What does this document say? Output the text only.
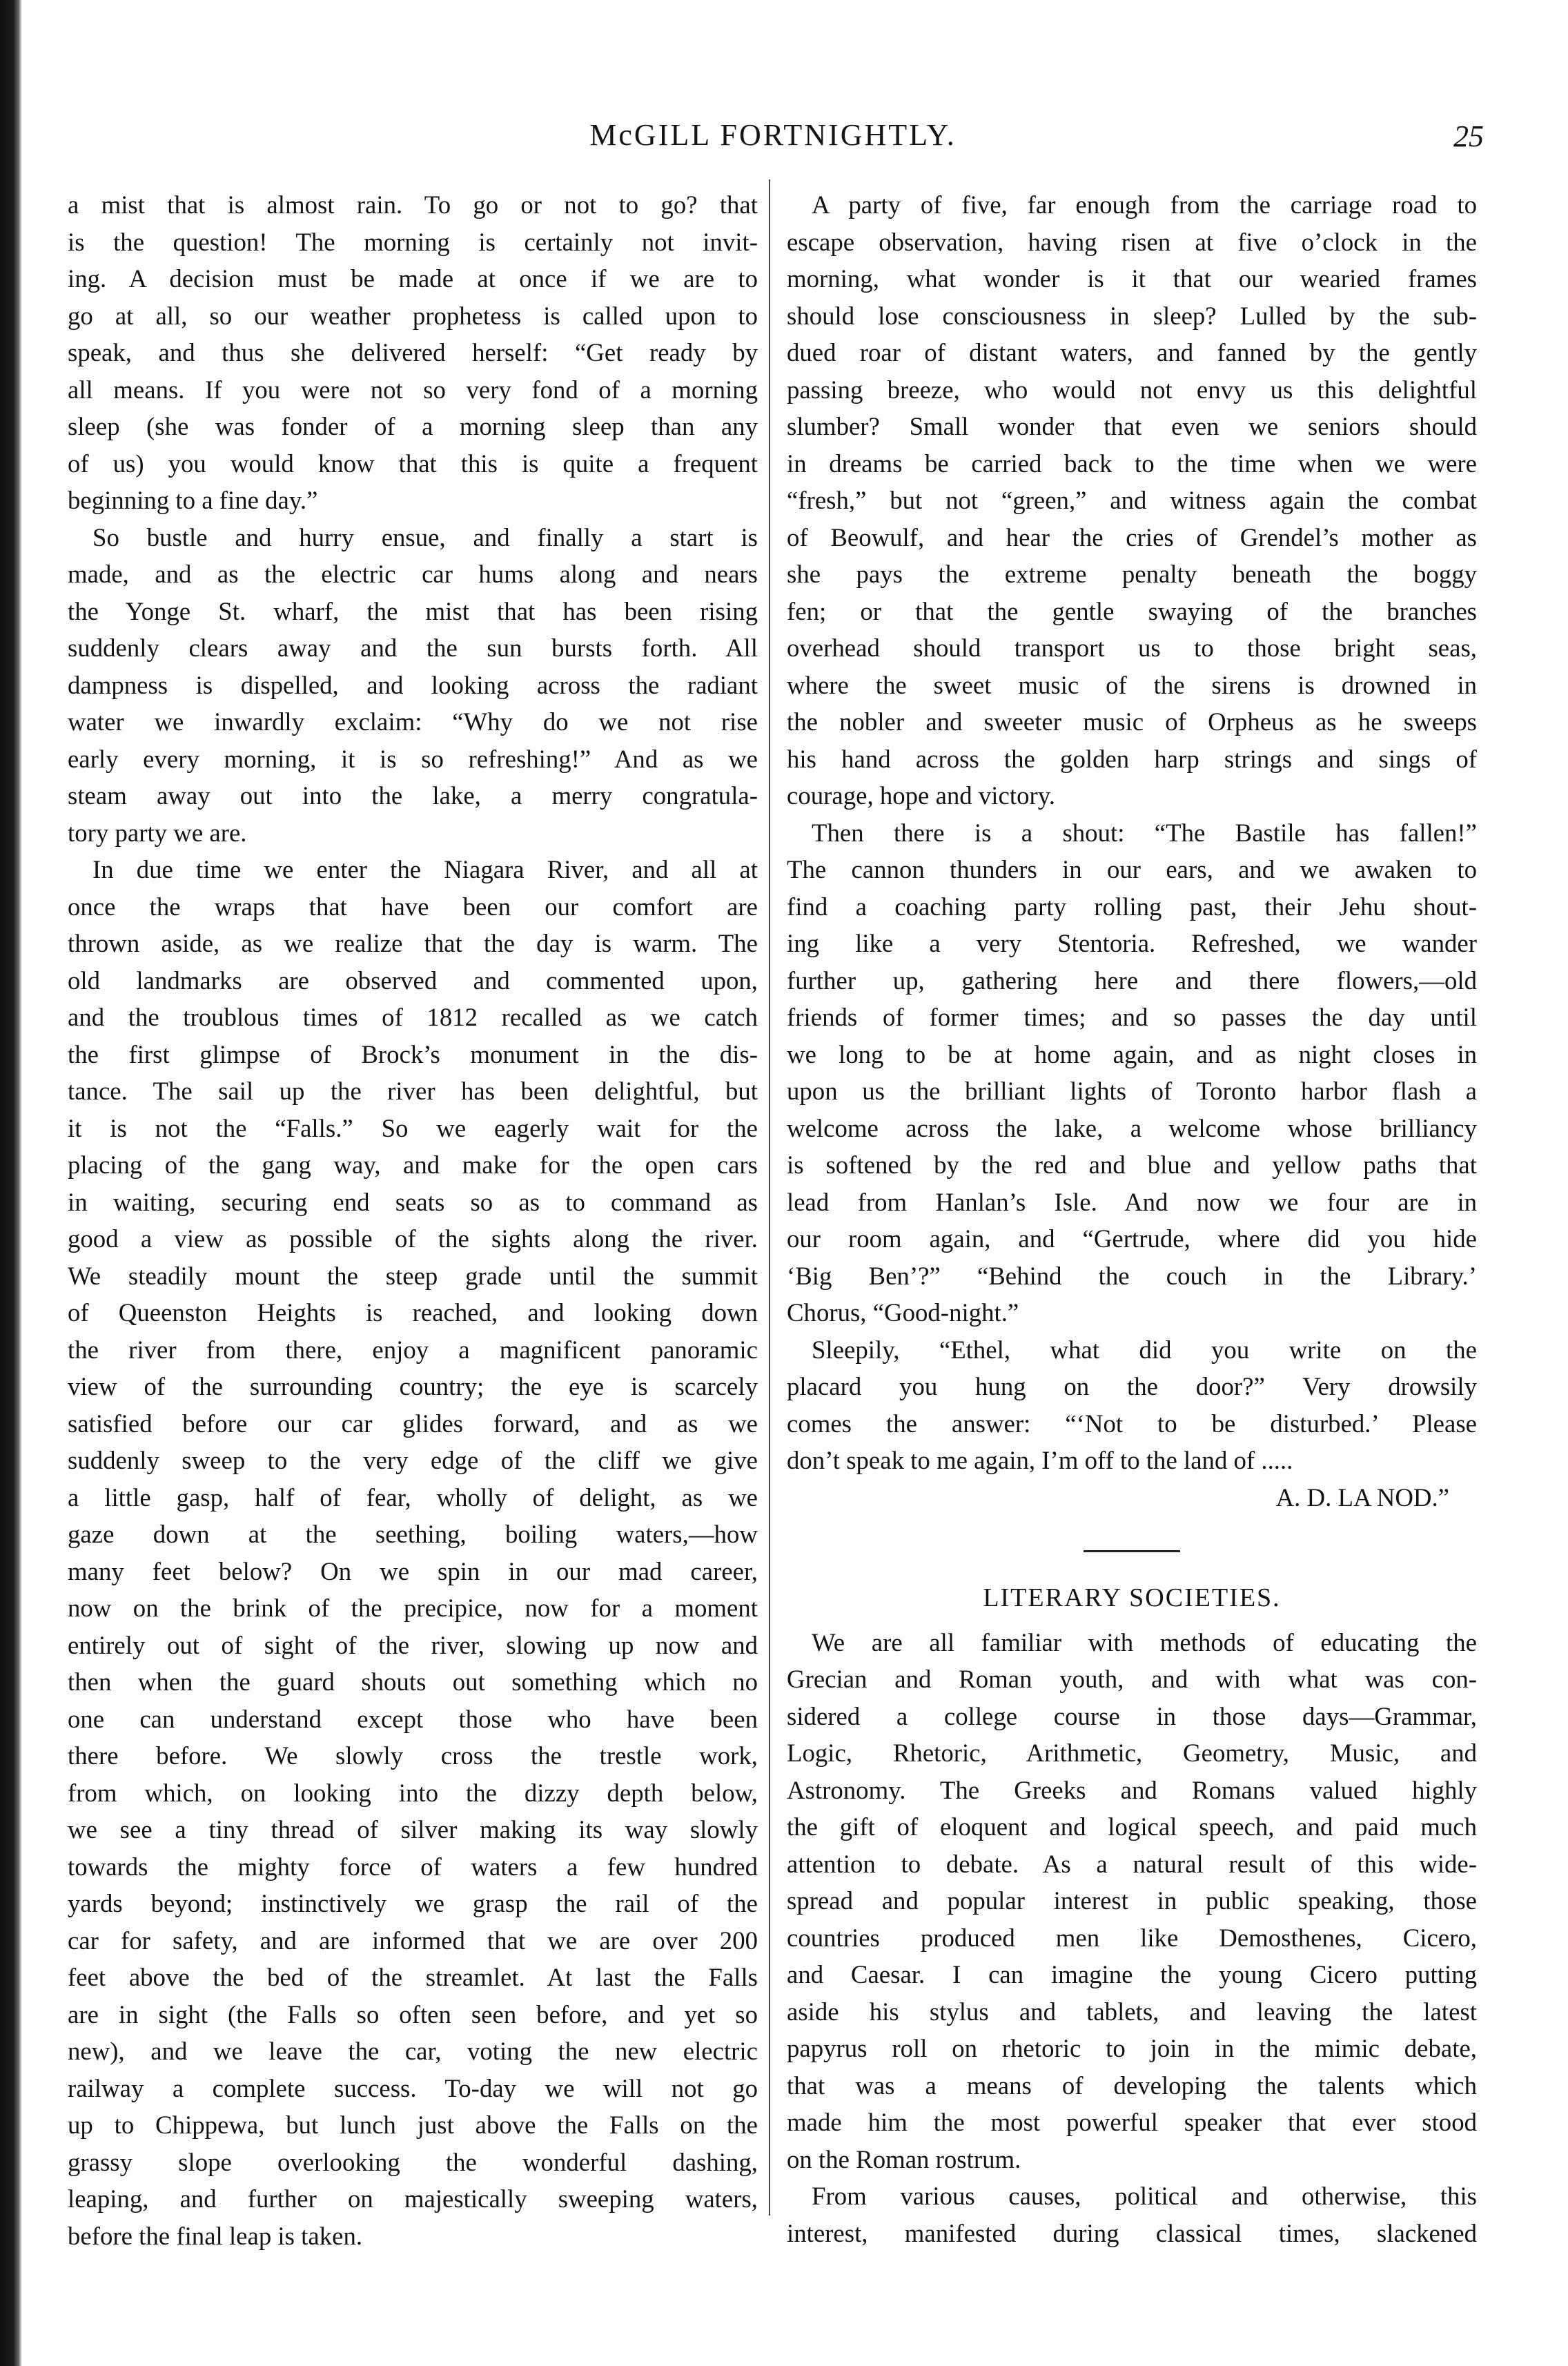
McGILL FORTNIGHTLY.	25
a mist that is almost rain. To go or not to go? that
is the question! The morning is certainly not invit-
ing. A decision must be made at once if we are to
go at all, so our weather prophetess is called upon to
speak, and thus she delivered herself: “Get ready by
all means. If you were not so very fond of a morning
sleep (she was fonder of a morning sleep than any
of us) you would know that this is quite a frequent
beginning to a fine day.”
So bustle and hurry ensue, and finally a start is
made, and as the electric car hums along and nears
the Yonge St. wharf, the mist that has been rising
suddenly clears away and the sun bursts forth. All
dampness is dispelled, and looking across the radiant
water we inwardly exclaim: “Why do we not rise
early every morning, it is so refreshing!” And as we
steam away out into the lake, a merry congratula-
tory party we are.
In due time we enter the Niagara River, and all at
once the wraps that have been our comfort are
thrown aside, as we realize that the day is warm. The
old landmarks are observed and commented upon,
and the troublous times of 1812 recalled as we catch
the first glimpse of Brock’s monument in the dis-
tance. The sail up the river has been delightful, but
it is not the “Falls.” So we eagerly wait for the
placing of the gang way, and make for the open cars
in waiting, securing end seats so as to command as
good a view as possible of the sights along the river.
We steadily mount the steep grade until the summit
of Queenston Heights is reached, and looking down
the river from there, enjoy a magnificent panoramic
view of the surrounding country; the eye is scarcely
satisfied before our car glides forward, and as we
suddenly sweep to the very edge of the cliff we give
a little gasp, half of fear, wholly of delight, as we
gaze down at the seething, boiling waters,—how
many feet below? On we spin in our mad career,
now on the brink of the precipice, now for a moment
entirely out of sight of the river, slowing up now and
then when the guard shouts out something which no
one can understand except those who have been
there before. We slowly cross the trestle work,
from which, on looking into the dizzy depth below,
we see a tiny thread of silver making its way slowly
towards the mighty force of waters a few hundred
yards beyond; instinctively we grasp the rail of the
car for safety, and are informed that we are over 200
feet above the bed of the streamlet. At last the Falls
are in sight (the Falls so often seen before, and yet so
new), and we leave the car, voting the new electric
railway a complete success. To-day we will not go
up to Chippewa, but lunch just above the Falls on the
grassy slope overlooking the wonderful dashing,
leaping, and further on majestically sweeping waters,
before the final leap is taken.
A party of five, far enough from the carriage road to
escape observation, having risen at five o’clock in the
morning, what wonder is it that our wearied frames
should lose consciousness in sleep? Lulled by the sub-
dued roar of distant waters, and fanned by the gently
passing breeze, who would not envy us this delightful
slumber? Small wonder that even we seniors should
in dreams be carried back to the time when we were
“fresh,” but not “green,” and witness again the combat
of Beowulf, and hear the cries of Grendel’s mother as
she pays the extreme penalty beneath the boggy
fen; or that the gentle swaying of the branches
overhead should transport us to those bright seas,
where the sweet music of the sirens is drowned in
the nobler and sweeter music of Orpheus as he sweeps
his hand across the golden harp strings and sings of
courage, hope and victory.
Then there is a shout: “The Bastile has fallen!”
The cannon thunders in our ears, and we awaken to
find a coaching party rolling past, their Jehu shout-
ing like a very Stentoria. Refreshed, we wander
further up, gathering here and there flowers,—old
friends of former times; and so passes the day until
we long to be at home again, and as night closes in
upon us the brilliant lights of Toronto harbor flash a
welcome across the lake, a welcome whose brilliancy
is softened by the red and blue and yellow paths that
lead from Hanlan’s Isle. And now we four are in
our room again, and “Gertrude, where did you hide
‘Big Ben’?” “Behind the couch in the Library.’
Chorus, “Good-night.”
Sleepily, “Ethel, what did you write on the
placard you hung on the door?” Very drowsily
comes the answer: “‘Not to be disturbed.’ Please
don’t speak to me again, I’m off to the land of .....
A. D. LA NOD.”
LITERARY SOCIETIES.
We are all familiar with methods of educating the
Grecian and Roman youth, and with what was con-
sidered a college course in those days—Grammar,
Logic, Rhetoric, Arithmetic, Geometry, Music, and
Astronomy. The Greeks and Romans valued highly
the gift of eloquent and logical speech, and paid much
attention to debate. As a natural result of this wide-
spread and popular interest in public speaking, those
countries produced men like Demosthenes, Cicero,
and Caesar. I can imagine the young Cicero putting
aside his stylus and tablets, and leaving the latest
papyrus roll on rhetoric to join in the mimic debate,
that was a means of developing the talents which
made him the most powerful speaker that ever stood
on the Roman rostrum.
From various causes, political and otherwise, this
interest, manifested during classical times, slackened
